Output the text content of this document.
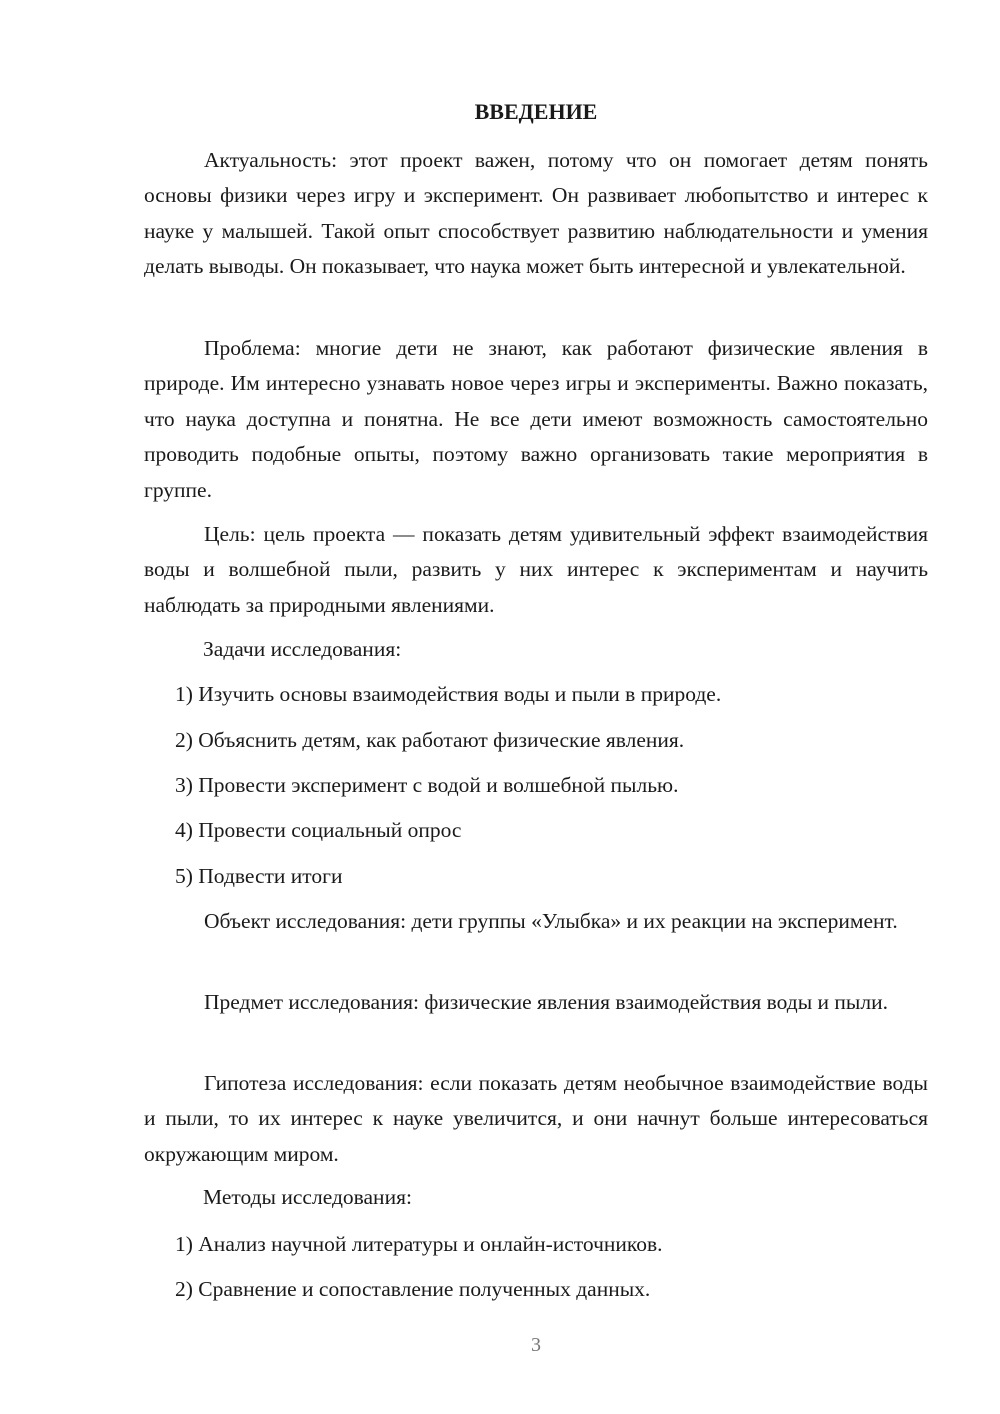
ВВЕДЕНИЕ

Актуальность: этот проект важен, потому что он помогает детям понять основы физики через игру и эксперимент. Он развивает любопытство и интерес к науке у малышей. Такой опыт способствует развитию наблюдательности и умения делать выводы. Он показывает, что наука может быть интересной и увлекательной.

Проблема: многие дети не знают, как работают физические явления в природе. Им интересно узнавать новое через игры и эксперименты. Важно показать, что наука доступна и понятна. Не все дети имеют возможность самостоятельно проводить подобные опыты, поэтому важно организовать такие мероприятия в группе.

Цель: цель проекта — показать детям удивительный эффект взаимодействия воды и волшебной пыли, развить у них интерес к экспериментам и научить наблюдать за природными явлениями.

Задачи исследования:

1) Изучить основы взаимодействия воды и пыли в природе.

2) Объяснить детям, как работают физические явления.

3) Провести эксперимент с водой и волшебной пылью.

4) Провести социальный опрос

5) Подвести итоги

Объект исследования: дети группы «Улыбка» и их реакции на эксперимент.

Предмет исследования: физические явления взаимодействия воды и пыли.

Гипотеза исследования: если показать детям необычное взаимодействие воды и пыли, то их интерес к науке увеличится, и они начнут больше интересоваться окружающим миром.

Методы исследования:

1) Анализ научной литературы и онлайн-источников.

2) Сравнение и сопоставление полученных данных.

3
